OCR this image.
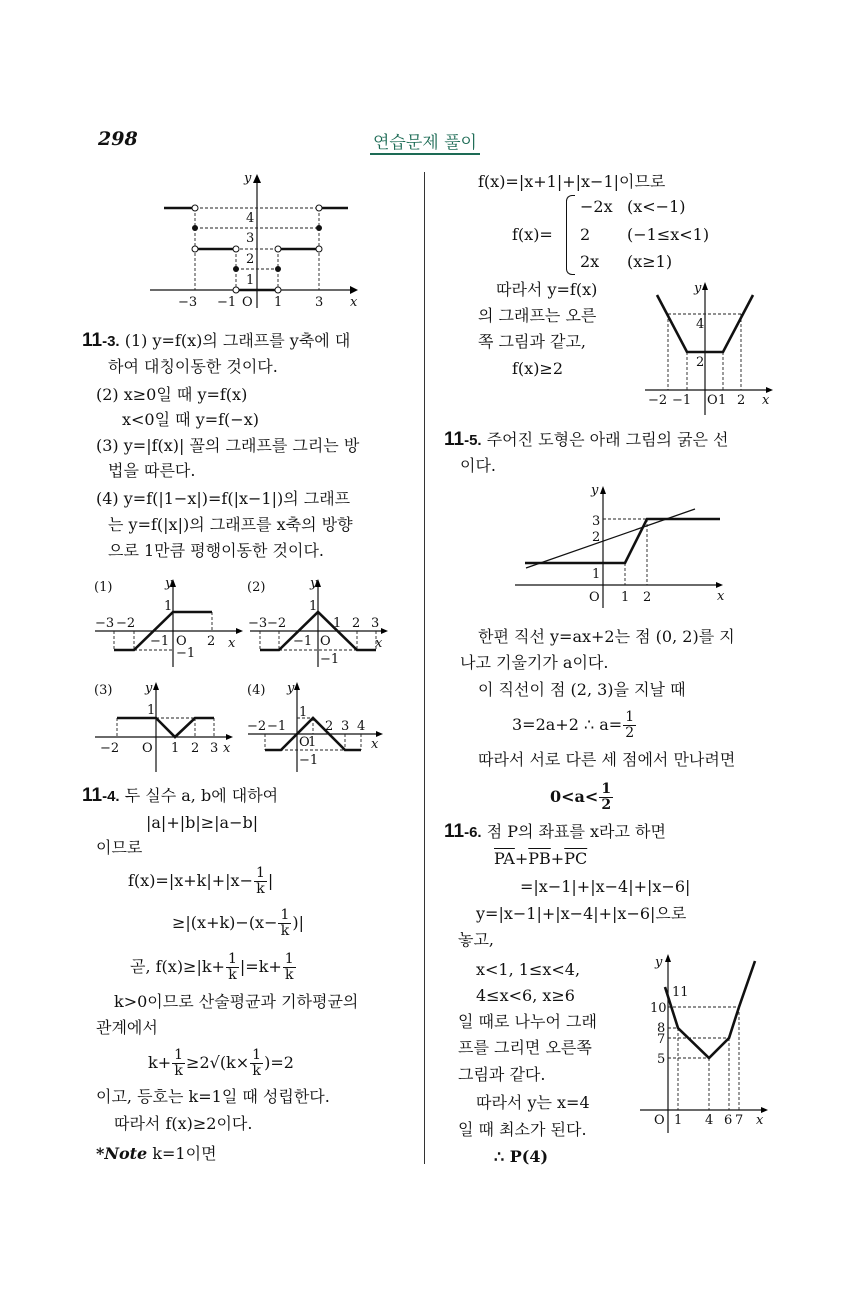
298	연습문제 풀이
y
x
4
3
2
1
−3 −1 O 1	3
11-3. (1) y=f(x)의 그래프를 y축에 대
하여 대칭이동한 것이다.
(2) x≥0일 때 y=f(x)
x<0일 때 y=f(−x)
(3) y=|f(x)| 꼴의 그래프를 그리는 방
법을 따른다.
(4) y=f(|1−x|)=f(|x−1|)의 그래프
는 y=f(|x|)의 그래프를 x축의 방향
으로 1만큼 평행이동한 것이다.
(1)	y
x
1
−3 −2
−1 O 2
−1
(2)	y
x
1
−3 −2
−1 O
1 2 3
−1
(3)	y
x
1
−2 O 1 2 3
(4) y
x
1
−2 −1
O
1
2 3 4
−1
11-4. 두 실수 a, b에 대하여
|a|+|b|≥|a−b|
이므로
$f(x)=|x+k|+|x- \frac{1}{k}$ |
$\ge|(x+k)-(x- \frac{1}{k}$ )|
곧, $f(x)\ge|k+ \frac{1}{k} |=k+ \frac{1}{k}$
k>0이므로 산술평균과 기하평균의
관계에서
$k+ \frac{1}{k} \ge 2√(k\times \frac{1}{k} )=2$
이고, 등호는 k=1일 때 성립한다.
따라서 f(x)≥2이다.
*Note k=1이면
f(x)=|x+1|+|x−1|이므로
f(x)=
−2x (x<−1)
2 (−1≤x<1)
2x (x≥1)
따라서 y=f(x)
의 그래프는 오른
쪽 그림과 같고,
f(x)≥2
y
x
4
2
−2 −1 O 1 2
11-5. 주어진 도형은 아래 그림의 굵은 선
이다.
y
x
3
2
1
O 1 2
한편 직선 y=ax+2는 점 (0, 2)를 지
나고 기울기가 a이다.
이 직선이 점 (2, 3)을 지날 때
3=2a+2 ∴ $a= \frac{1}{2}$
따라서 서로 다른 세 점에서 만나려면
$0<a< \frac{1}{2}$
11-6. 점 P의 좌표를 x라고 하면
$\overline{PA}+\overline{PB}+\overline{PC}$
=|x−1|+|x−4|+|x−6|
y=|x−1|+|x−4|+|x−6|으로
놓고,
x<1, 1≤x<4,
4≤x<6, x≥6
일 때로 나누어 그래
프를 그리면 오른쪽
그림과 같다.
따라서 y는 x=4
일 때 최소가 된다.
∴ P(4)
y
x
11
10
8
7
5
O 1 4 6 7
